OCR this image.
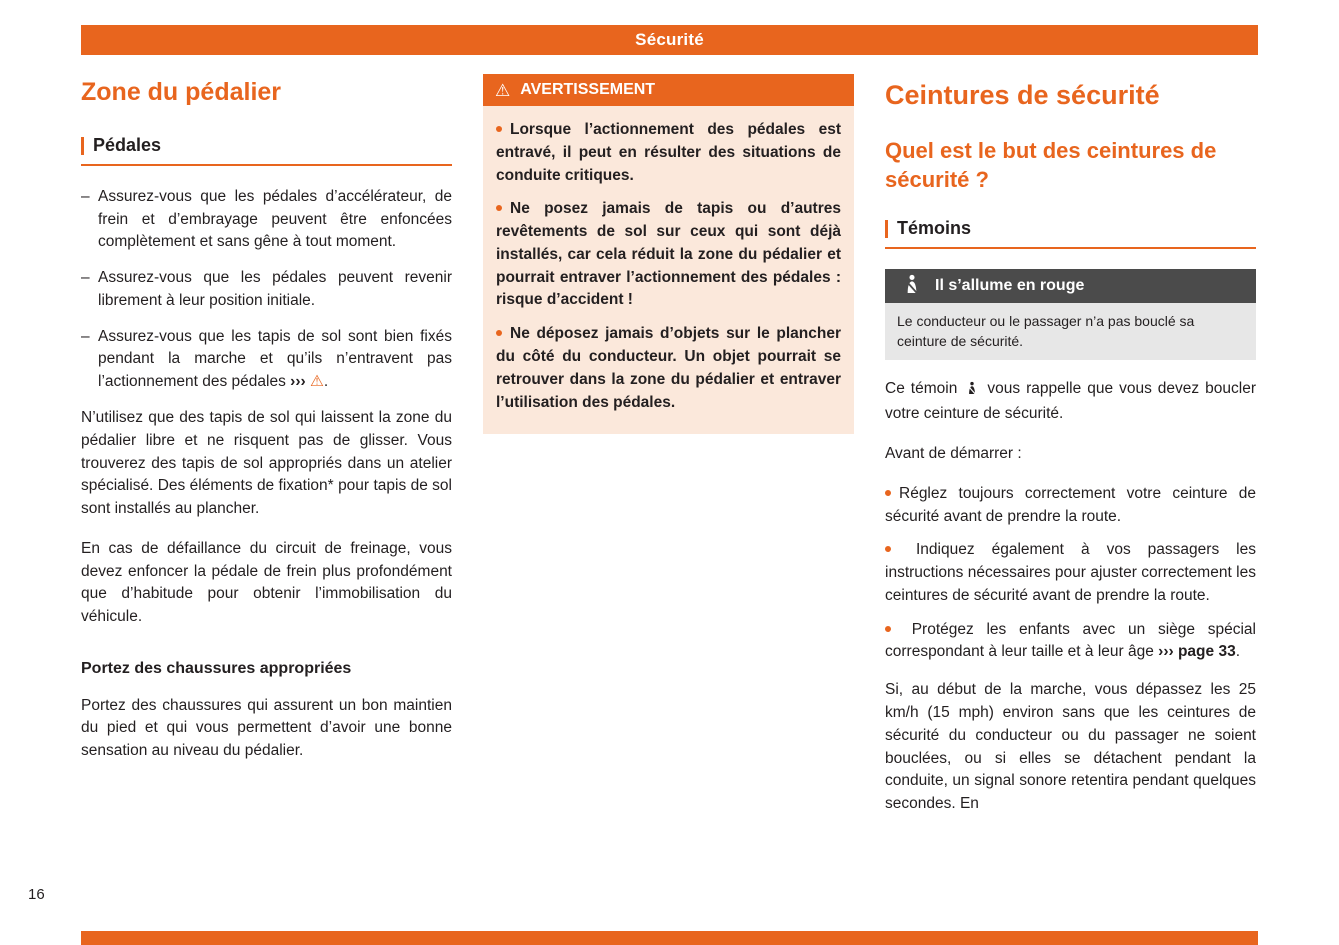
Sécurité
Zone du pédalier
Pédales
– Assurez-vous que les pédales d’accélérateur, de frein et d’embrayage peuvent être enfoncées complètement et sans gêne à tout moment.
– Assurez-vous que les pédales peuvent revenir librement à leur position initiale.
– Assurez-vous que les tapis de sol sont bien fixés pendant la marche et qu’ils n’entravent pas l’actionnement des pédales ››› ⚠.

N’utilisez que des tapis de sol qui laissent la zone du pédalier libre et ne risquent pas de glisser. Vous trouverez des tapis de sol appropriés dans un atelier spécialisé. Des éléments de fixation* pour tapis de sol sont installés au plancher.

En cas de défaillance du circuit de freinage, vous devez enfoncer la pédale de frein plus profondément que d’habitude pour obtenir l’immobilisation du véhicule.

Portez des chaussures appropriées

Portez des chaussures qui assurent un bon maintien du pied et qui vous permettent d’avoir une bonne sensation au niveau du pédalier.

⚠ AVERTISSEMENT
Lorsque l’actionnement des pédales est entravé, il peut en résulter des situations de conduite critiques.
Ne posez jamais de tapis ou d’autres revêtements de sol sur ceux qui sont déjà installés, car cela réduit la zone du pédalier et pourrait entraver l’actionnement des pédales : risque d’accident !
Ne déposez jamais d’objets sur le plancher du côté du conducteur. Un objet pourrait se retrouver dans la zone du pédalier et entraver l’utilisation des pédales.
Ceintures de sécurité
Quel est le but des ceintures de sécurité ?
Témoins
Il s’allume en rouge
Le conducteur ou le passager n’a pas bouclé sa ceinture de sécurité.

Ce témoin vous rappelle que vous devez boucler votre ceinture de sécurité.

Avant de démarrer :

Réglez toujours correctement votre ceinture de sécurité avant de prendre la route.
Indiquez également à vos passagers les instructions nécessaires pour ajuster correctement les ceintures de sécurité avant de prendre la route.
Protégez les enfants avec un siège spécial correspondant à leur taille et à leur âge ››› page 33.

Si, au début de la marche, vous dépassez les 25 km/h (15 mph) environ sans que les ceintures de sécurité du conducteur ou du passager ne soient bouclées, ou si elles se détachent pendant la conduite, un signal sonore retentira pendant quelques secondes. En

16
